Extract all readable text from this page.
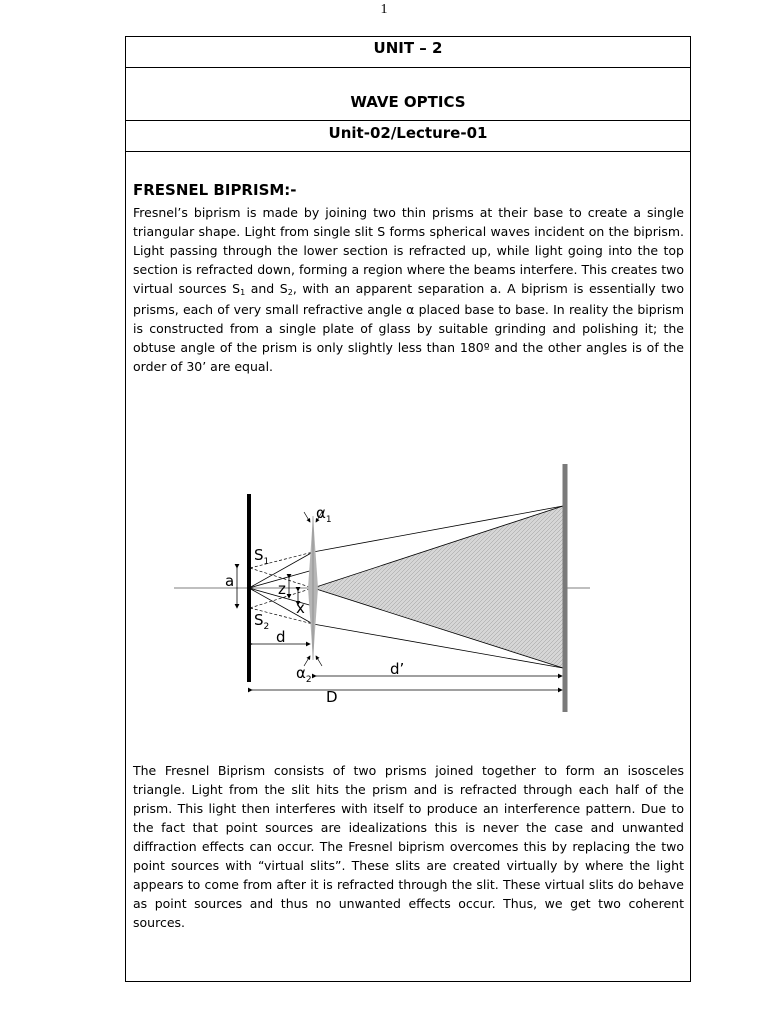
1
UNIT – 2
WAVE OPTICS
Unit-02/Lecture-01
FRESNEL BIPRISM:-
Fresnel’s biprism is made by joining two thin prisms at their base to create a single triangular shape. Light from single slit S forms spherical waves incident on the biprism. Light passing through the lower section is refracted up, while light going into the top section is refracted down, forming a region where the beams interfere. This creates two virtual sources $S_1$ and $S_2$, with an apparent separation a. A biprism is essentially two prisms, each of very small refractive angle α placed base to base. In reality the biprism is constructed from a single plate of glass by suitable grinding and polishing it; the obtuse angle of the prism is only slightly less than 180º and the other angles is of the order of 30’ are equal.
The Fresnel Biprism consists of two prisms joined together to form an isosceles triangle. Light from the slit hits the prism and is refracted through each half of the prism. This light then interferes with itself to produce an interference pattern. Due to the fact that point sources are idealizations this is never the case and unwanted diffraction effects can occur. The Fresnel biprism overcomes this by replacing the two point sources with “virtual slits”. These slits are created virtually by where the light appears to come from after it is refracted through the slit. These virtual slits do behave as point sources and thus no unwanted effects occur. Thus, we get two coherent sources.
$\alpha_1$
$S_1$
$S_2$
a	z
x
d
$\alpha_2$
d’
D
